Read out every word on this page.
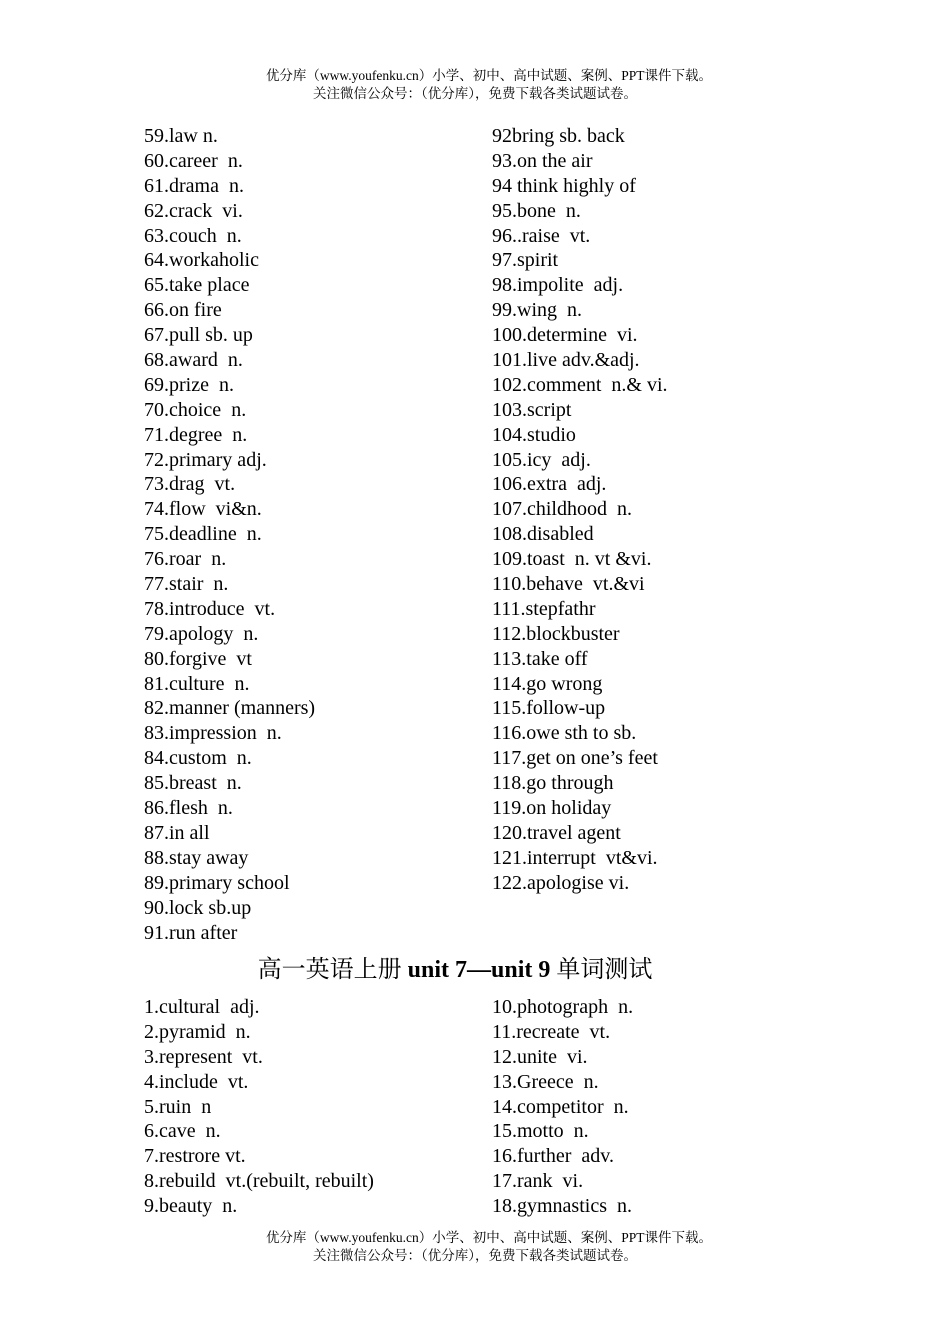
优分库（www.youfenku.cn）小学、初中、高中试题、案例、PPT课件下载。
关注微信公众号：（优分库），免费下载各类试题试卷。
59.law n.
60.career  n.
61.drama  n.
62.crack  vi.
63.couch  n.
64.workaholic
65.take place
66.on fire
67.pull sb. up
68.award  n.
69.prize  n.
70.choice  n.
71.degree  n.
72.primary adj.
73.drag  vt.
74.flow  vi&n.
75.deadline  n.
76.roar  n.
77.stair  n.
78.introduce  vt.
79.apology  n.
80.forgive  vt
81.culture  n.
82.manner (manners)
83.impression  n.
84.custom  n.
85.breast  n.
86.flesh  n.
87.in all
88.stay away
89.primary school
90.lock sb.up
91.run after
92bring sb. back
93.on the air
94 think highly of
95.bone  n.
96..raise  vt.
97.spirit
98.impolite  adj.
99.wing  n.
100.determine  vi.
101.live adv.&adj.
102.comment  n.& vi.
103.script
104.studio
105.icy  adj.
106.extra  adj.
107.childhood  n.
108.disabled
109.toast  n. vt &vi.
110.behave  vt.&vi
111.stepfathr
112.blockbuster
113.take off
114.go wrong
115.follow-up
116.owe sth to sb.
117.get on one’s feet
118.go through
119.on holiday
120.travel agent
121.interrupt  vt&vi.
122.apologise vi.
高一英语上册 unit 7—unit 9 单词测试
1.cultural  adj.
2.pyramid  n.
3.represent  vt.
4.include  vt.
5.ruin  n
6.cave  n.
7.restrore vt.
8.rebuild  vt.(rebuilt, rebuilt)
9.beauty  n.
10.photograph  n.
11.recreate  vt.
12.unite  vi.
13.Greece  n.
14.competitor  n.
15.motto  n.
16.further  adv.
17.rank  vi.
18.gymnastics  n.
优分库（www.youfenku.cn）小学、初中、高中试题、案例、PPT课件下载。
关注微信公众号：（优分库），免费下载各类试题试卷。
